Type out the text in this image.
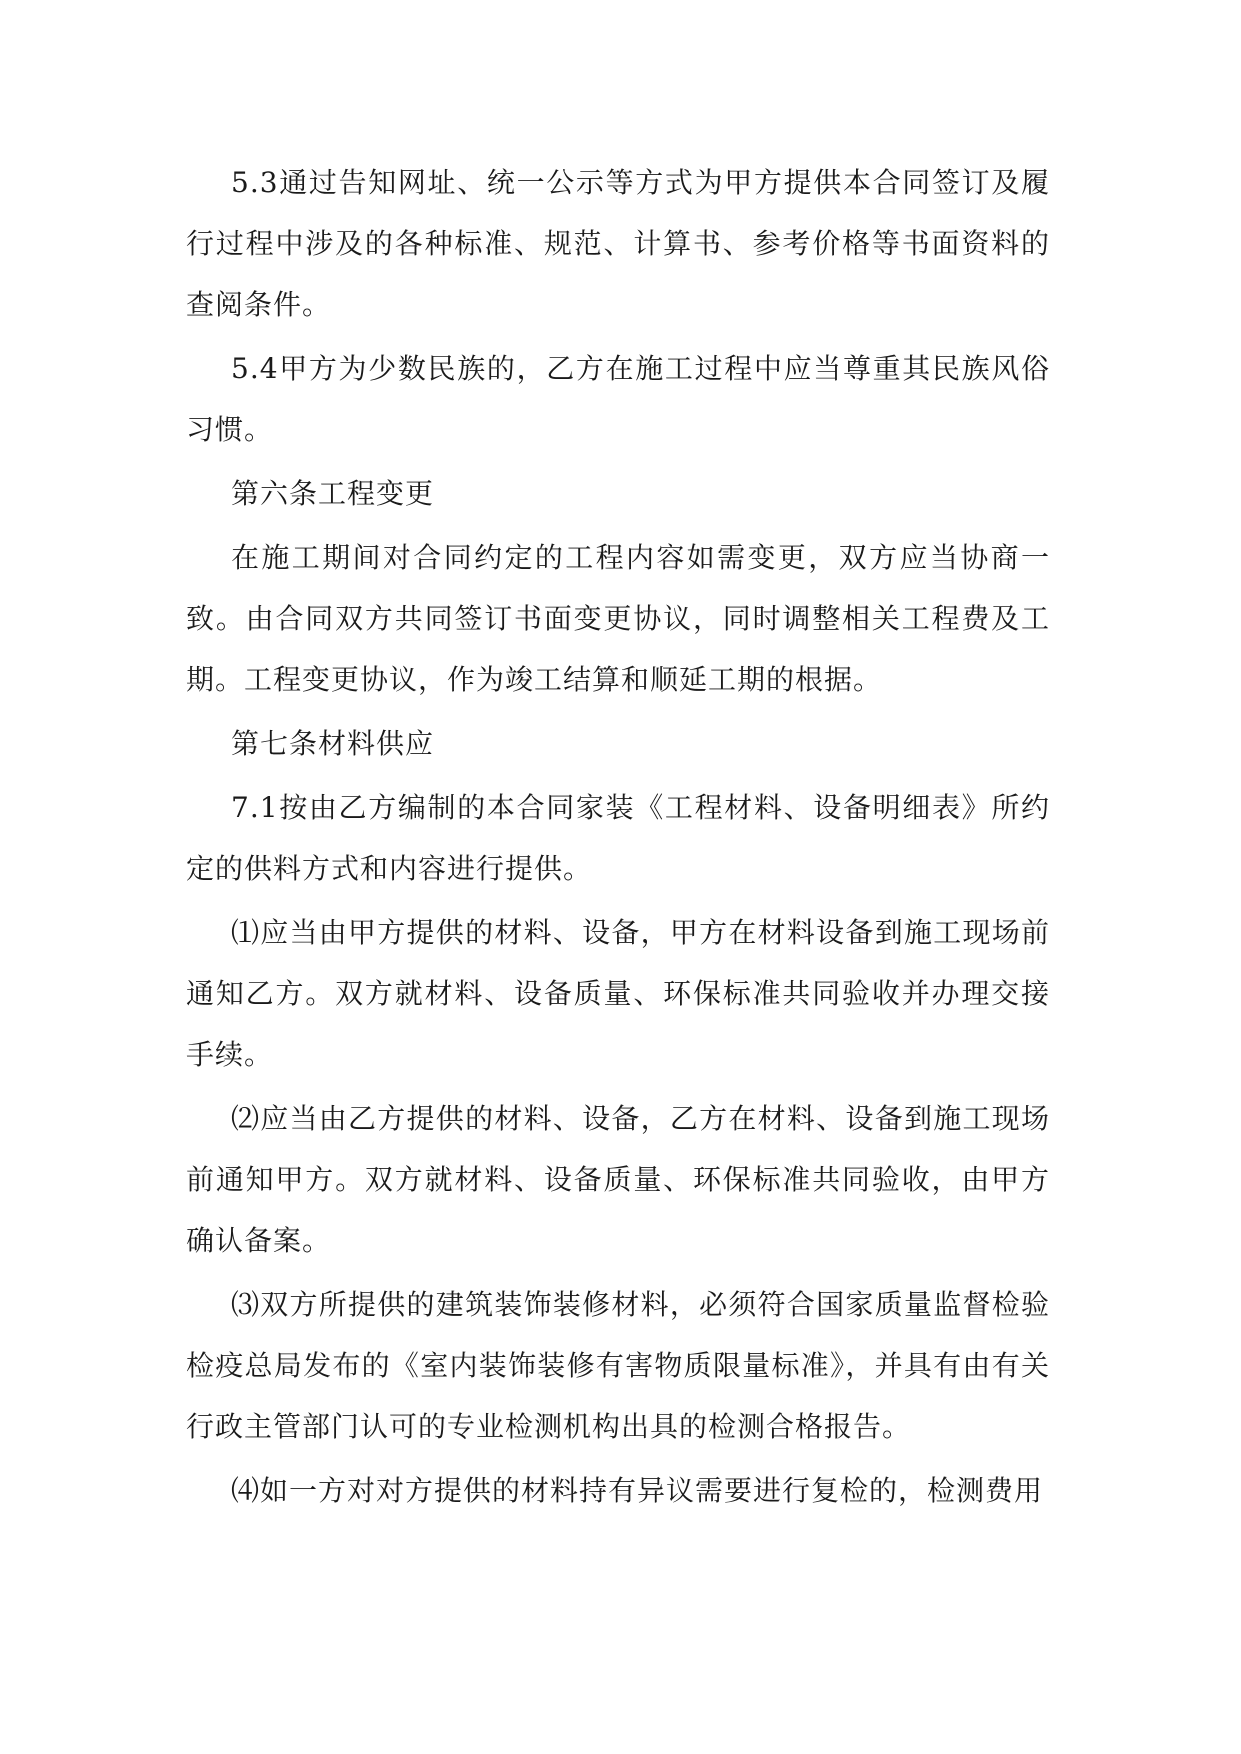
5.3通过告知网址、统一公示等方式为甲方提供本合同签订及履行过程中涉及的各种标准、规范、计算书、参考价格等书面资料的查阅条件。

5.4甲方为少数民族的，乙方在施工过程中应当尊重其民族风俗习惯。

第六条工程变更

在施工期间对合同约定的工程内容如需变更，双方应当协商一致。由合同双方共同签订书面变更协议，同时调整相关工程费及工期。工程变更协议，作为竣工结算和顺延工期的根据。

第七条材料供应

7.1按由乙方编制的本合同家装《工程材料、设备明细表》所约定的供料方式和内容进行提供。

⑴应当由甲方提供的材料、设备，甲方在材料设备到施工现场前通知乙方。双方就材料、设备质量、环保标准共同验收并办理交接手续。

⑵应当由乙方提供的材料、设备，乙方在材料、设备到施工现场前通知甲方。双方就材料、设备质量、环保标准共同验收，由甲方确认备案。

⑶双方所提供的建筑装饰装修材料，必须符合国家质量监督检验检疫总局发布的《室内装饰装修有害物质限量标准》，并具有由有关行政主管部门认可的专业检测机构出具的检测合格报告。

⑷如一方对对方提供的材料持有异议需要进行复检的，检测费用
